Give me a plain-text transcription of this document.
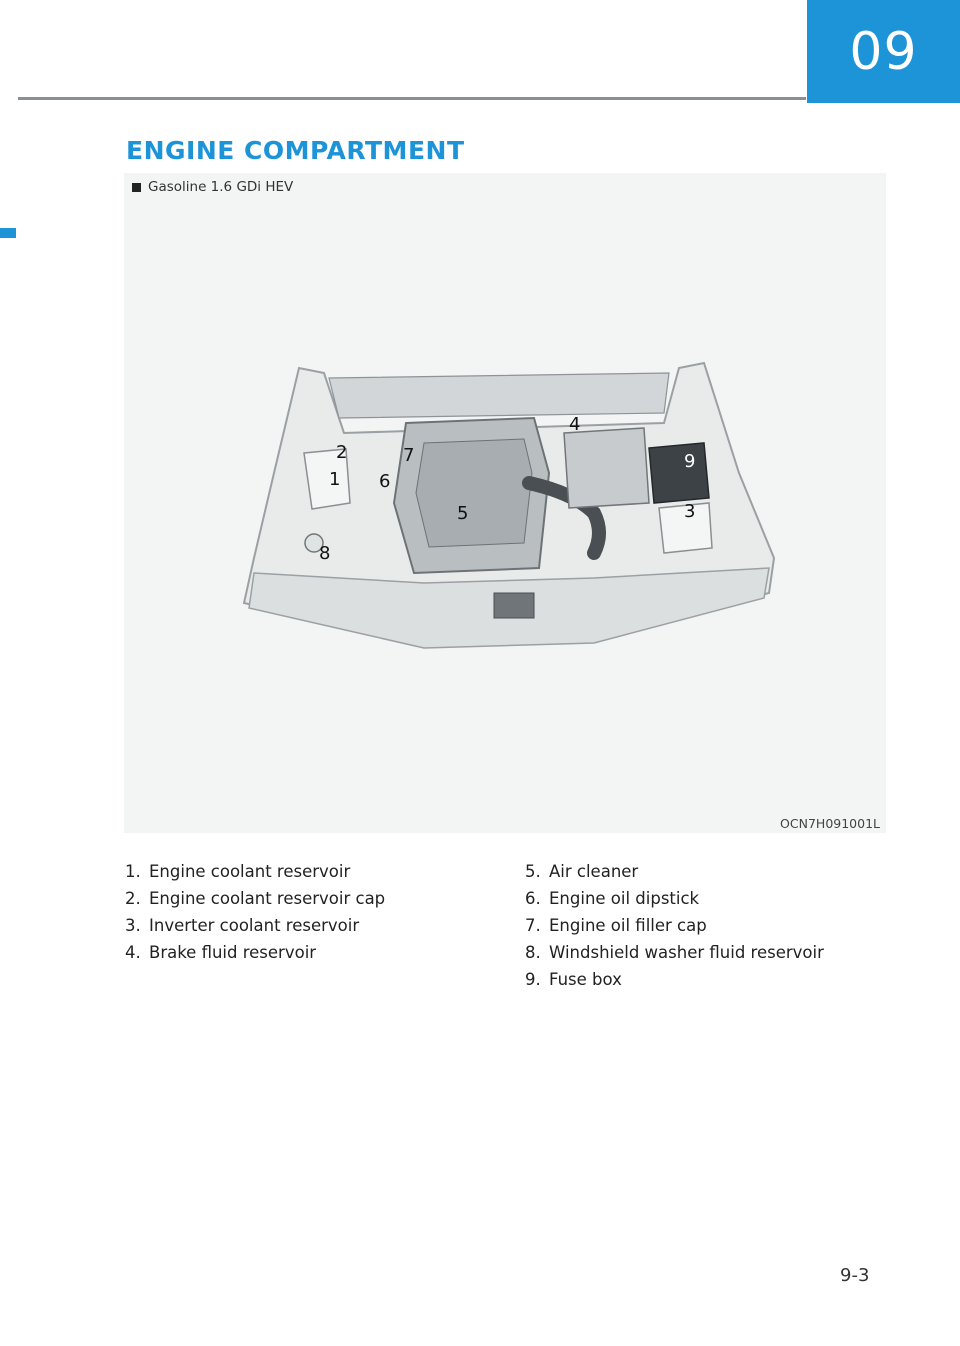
09
ENGINE COMPARTMENT
1
2
3
4
5
6
7
8
9
Gasoline 1.6 GDi HEV
OCN7H091001L
1. Engine coolant reservoir
2. Engine coolant reservoir cap
3. Inverter coolant reservoir
4. Brake fluid reservoir
5. Air cleaner
6. Engine oil dipstick
7. Engine oil filler cap
8. Windshield washer fluid reservoir
9. Fuse box
9-3
